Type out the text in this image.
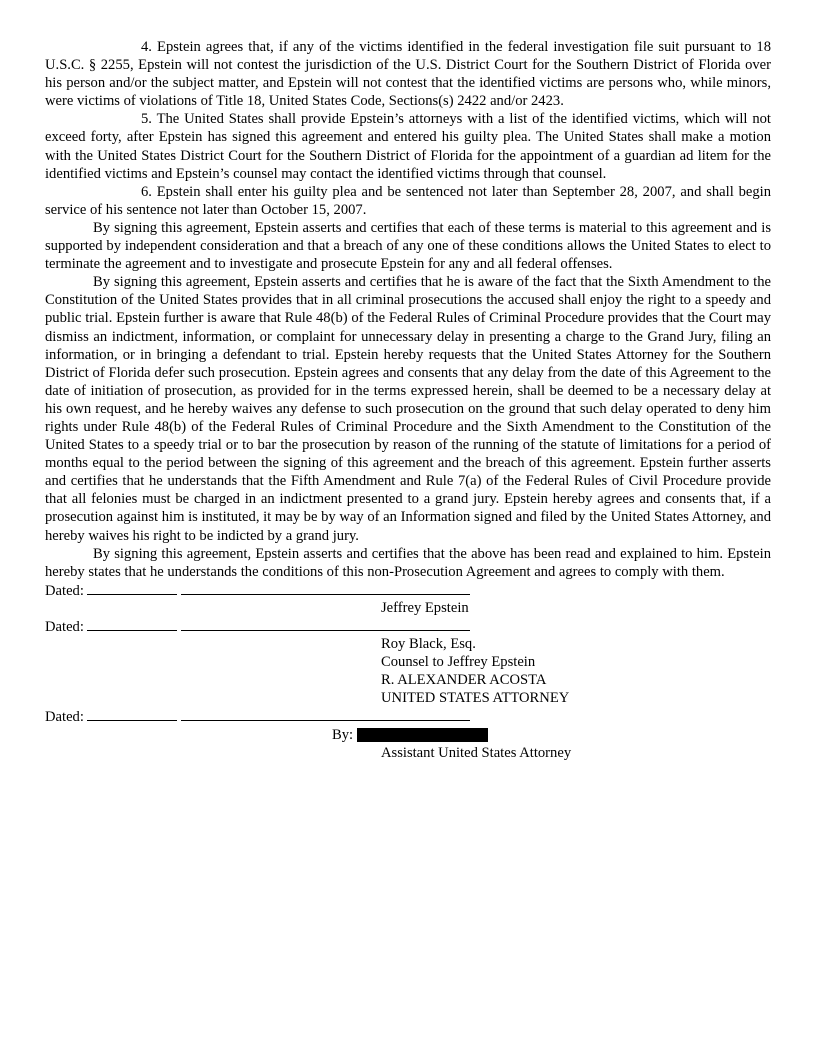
4. Epstein agrees that, if any of the victims identified in the federal investigation file suit pursuant to 18 U.S.C. § 2255, Epstein will not contest the jurisdiction of the U.S. District Court for the Southern District of Florida over his person and/or the subject matter, and Epstein will not contest that the identified victims are persons who, while minors, were victims of violations of Title 18, United States Code, Sections(s) 2422 and/or 2423.

5. The United States shall provide Epstein’s attorneys with a list of the identified victims, which will not exceed forty, after Epstein has signed this agreement and entered his guilty plea. The United States shall make a motion with the United States District Court for the Southern District of Florida for the appointment of a guardian ad litem for the identified victims and Epstein’s counsel may contact the identified victims through that counsel.

6. Epstein shall enter his guilty plea and be sentenced not later than September 28, 2007, and shall begin service of his sentence not later than October 15, 2007.

By signing this agreement, Epstein asserts and certifies that each of these terms is material to this agreement and is supported by independent consideration and that a breach of any one of these conditions allows the United States to elect to terminate the agreement and to investigate and prosecute Epstein for any and all federal offenses.

By signing this agreement, Epstein asserts and certifies that he is aware of the fact that the Sixth Amendment to the Constitution of the United States provides that in all criminal prosecutions the accused shall enjoy the right to a speedy and public trial. Epstein further is aware that Rule 48(b) of the Federal Rules of Criminal Procedure provides that the Court may dismiss an indictment, information, or complaint for unnecessary delay in presenting a charge to the Grand Jury, filing an information, or in bringing a defendant to trial. Epstein hereby requests that the United States Attorney for the Southern District of Florida defer such prosecution. Epstein agrees and consents that any delay from the date of this Agreement to the date of initiation of prosecution, as provided for in the terms expressed herein, shall be deemed to be a necessary delay at his own request, and he hereby waives any defense to such prosecution on the ground that such delay operated to deny him rights under Rule 48(b) of the Federal Rules of Criminal Procedure and the Sixth Amendment to the Constitution of the United States to a speedy trial or to bar the prosecution by reason of the running of the statute of limitations for a period of months equal to the period between the signing of this agreement and the breach of this agreement. Epstein further asserts and certifies that he understands that the Fifth Amendment and Rule 7(a) of the Federal Rules of Civil Procedure provide that all felonies must be charged in an indictment presented to a grand jury. Epstein hereby agrees and consents that, if a prosecution against him is instituted, it may be by way of an Information signed and filed by the United States Attorney, and hereby waives his right to be indicted by a grand jury.

By signing this agreement, Epstein asserts and certifies that the above has been read and explained to him. Epstein hereby states that he understands the conditions of this non-Prosecution Agreement and agrees to comply with them.

Dated:

Jeffrey Epstein

Dated:

Roy Black, Esq.

Counsel to Jeffrey Epstein

R. ALEXANDER ACOSTA

UNITED STATES ATTORNEY

Dated:

By:

Assistant United States Attorney
